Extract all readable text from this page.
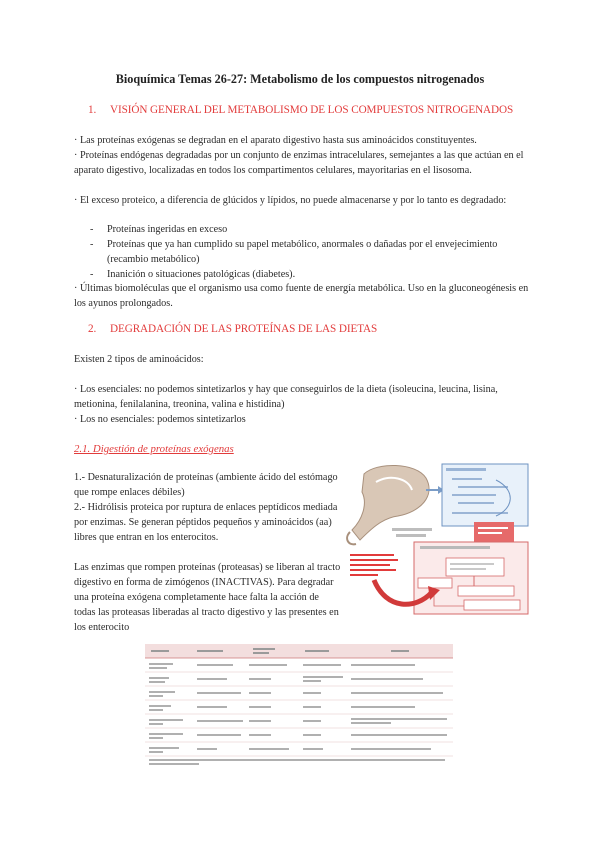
Bioquímica Temas 26-27: Metabolismo de los compuestos nitrogenados
1. VISIÓN GENERAL DEL METABOLISMO DE LOS COMPUESTOS NITROGENADOS

· Las proteínas exógenas se degradan en el aparato digestivo hasta sus aminoácidos constituyentes.

· Proteínas endógenas degradadas por un conjunto de enzimas intracelulares, semejantes a las que actúan en el aparato digestivo, localizadas en todos los compartimentos celulares, mayoritarias en el lisosoma.

· El exceso proteico, a diferencia de glúcidos y lípidos, no puede almacenarse y por lo tanto es degradado:

- Proteínas ingeridas en exceso
- Proteínas que ya han cumplido su papel metabólico, anormales o dañadas por el envejecimiento (recambio metabólico)
- Inanición o situaciones patológicas (diabetes).

· Últimas biomoléculas que el organismo usa como fuente de energía metabólica. Uso en la gluconeogénesis en los ayunos prolongados.

2. DEGRADACIÓN DE LAS PROTEÍNAS DE LAS DIETAS

Existen 2 tipos de aminoácidos:

· Los esenciales: no podemos sintetizarlos y hay que conseguirlos de la dieta (isoleucina, leucina, lisina, metionina, fenilalanina, treonina, valina e histidina)

· Los no esenciales: podemos sintetizarlos

2.1. Digestión de proteínas exógenas

1.- Desnaturalización de proteínas (ambiente ácido del estómago que rompe enlaces débiles)

2.- Hidrólisis proteica por ruptura de enlaces peptídicos mediada por enzimas. Se generan péptidos pequeños y aminoácidos (aa) libres que entran en los enterocitos.

Las enzimas que rompen proteínas (proteasas) se liberan al tracto digestivo en forma de zimógenos (INACTIVAS). Para degradar una proteína exógena completamente hace falta la acción de todas las proteasas liberadas al tracto digestivo y las presentes en los enterocito
